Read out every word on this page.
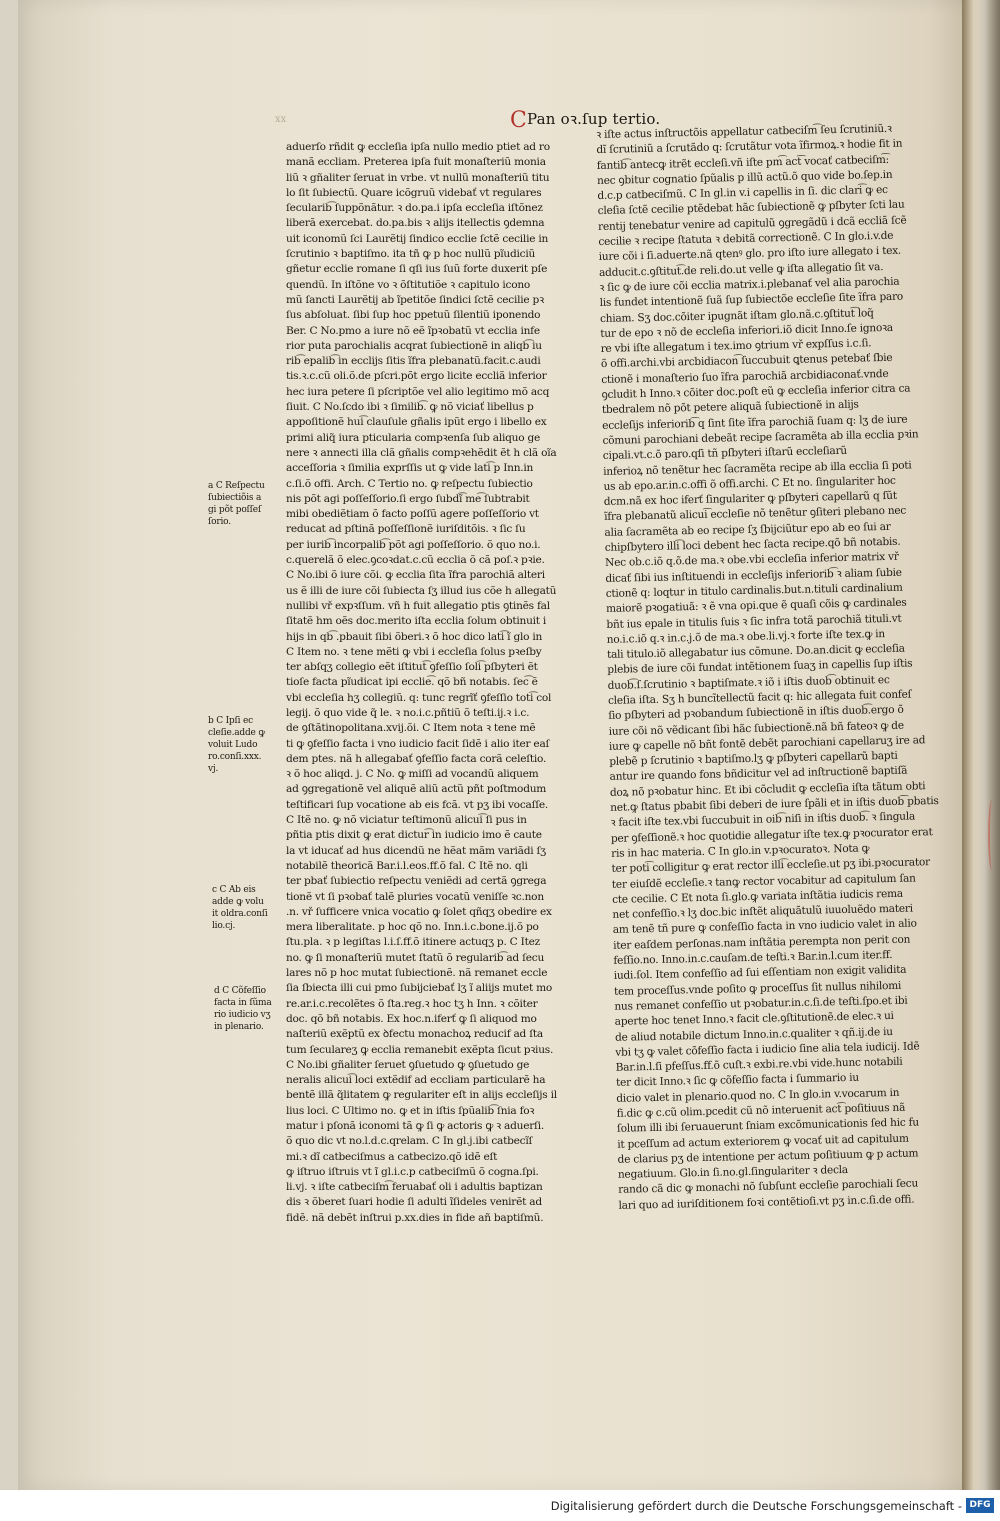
xx	CPan oꝛ.ſup tertio.
aduerſo rñdit ꝙ eccleſia ipſa nullo medio ptiet ad ro
manã eccliam. Preterea ipſa fuit monaſteriũ monia
liũ ꝛ gñaliter ſeruat in vrbe. vt nullũ monaſteriũ titu
lo ſit ſubiectũ. Quare icõgruũ videbať vt regulares
ſecularib͡ ſuppõnãtur. ꝛ do.pa.i ipſa eccleſia iſtõnez
liberã exercebat. do.pa.bis ꝛ alijs itellectis ꝯdemna
uit iconomũ ſci Laurẽtij ſindico ecclie ſctẽ cecilie in
ſcrutinio ꝛ baptiſmo. ita tñ ꝙ p hoc nullũ pĩudiciũ
gñetur ecclie romane ſi qſi ius ſuũ forte duxerit pſe
quendũ. In iſtõne vo ꝛ õſtitutiõe ꝛ capitulo icono
mũ ſancti Laurẽtij ab ĩpetitõe ſindici ſctẽ cecilie pꝛ
ſus abſoluat. ſibi ſup hoc ppetuũ ſilentiũ iponendo
Ber. C No.pmo a iure nõ eẽ ĩpꝛobatũ vt ecclia infe
rior puta parochialis acqrat ſubiectionẽ in aliqb͡ iu
rib͡ epalib͡ in ecclijs ſitis ĩfra plebanatũ.facit.c.audi
tis.ꝛ.c.cũ oli.õ.de pſcri.põt ergo licite eccliã inferior
hec iura petere ſi pſcriptõe vel alio legitimo mõ acq
ſiuit. C No.ſcdo ibi ꝛ ſimilib͡. ꝙ nõ viciať libellus p
appoſitionẽ hui͡ clauſule gñalis ipũt ergo i libello ex
primi aliq̃ iura pticularia compꝛenſa ſub aliquo ge
nere ꝛ annecti illa clã gñalis compꝛehẽdit ẽt h clã oĩa
acceſſoria ꝛ ſimilia exprſſis ut ꝙ vide lati͡ p Inn.in
c.ſi.õ offi. Arch. C Tertio no. ꝙ reſpectu ſubiectio
nis põt agi poſſeſſorio.ſi ergo ſubdĩ͡ me͡ ſubtrabit
mibi obediẽtiam õ facto poſſũ agere poſſeſſorio vt
reducat ad pſtinã poſſeſſionẽ iuriſditõis. ꝛ ſic ſu
per iurib͡ incorpalib͡ põt agi poſſeſſorio. õ quo no.i.
c.querelã õ elec.ꝯcoꝛdat.c.cũ ecclia õ cã poſ.ꝛ pꝛie.
C No.ibi õ iure cõi. ꝙ ecclia ſita ĩfra parochiã alteri
us ẽ illi de iure cõi ſubiecta ſʒ illud ius cõe h allegatũ
nullibi vř expꝛſſum. vñ h fuit allegatio ptis ꝯtinẽs fal
ſitatẽ hm oẽs doc.merito iſta ecclia ſolum obtinuit i
hijs in qb͡ .pbauit ſibi õberi.ꝛ õ hoc dico lati͡ ĩ glo in
C Item no. ꝛ tene mẽti ꝙ vbi i eccleſia ſolus pꝛeſby
ter abſqʒ collegio eẽt iſtitut͡ ꝯfeſſio ſoli͡ pſbyteri ẽt
tioſe facta pĩudicat ipi ecclie͡. qõ bñ notabis. ſec͡ ẽ
vbi eccleſia hʒ collegiũ. q: tunc regrĩť ꝯfeſſio toti͡ col
legij. õ quo vide q̃ le. ꝛ no.i.c.pñtiũ õ teſti.ij.ꝛ i.c.
de ꝯſtãtinopolitana.xvij.õi. C Item nota ꝛ tene mẽ
ti ꝙ ꝯfeſſio facta i vno iudicio facit ſidẽ i alio iter eaſ
dem ptes. nã h allegabať ꝯfeſſio facta corã celeſtio.
ꝛ õ hoc aliqd. j. C No. ꝙ miſſi ad vocandũ aliquem
ad ꝯgregationẽ vel aliquẽ aliũ actũ pñt poſtmodum
teſtificari ſup vocatione ab eis fcã. vt pʒ ibi vocaſſe.
C Itẽ no. ꝙ nõ viciatur teſtimonũ alicui͡ ſi pus in
pñtia ptis dixit ꝙ erat dictur͡ in iudicio imo ẽ caute
la vt iducať ad hus dicendũ ne hẽat mãm variãdi ſʒ
notabilẽ theoricã Bar.i.l.eos.ff.õ fal. C Itẽ no. qli
ter pbať ſubiectio reſpectu veniẽdi ad certã ꝯgrega
tionẽ vt ſi pꝛobať talẽ pluries vocatũ veniſſe ꝛc.non
.n. vř ſufficere vnica vocatio ꝙ ſolet qñqʒ obedire ex
mera liberalitate. p hoc qõ no. Inn.i.c.bone.ij.õ po
ſtu.pla. ꝛ p legiſtas l.i.ſ.ff.õ itinere actuqʒ p. C Itez
no. ꝙ ſi monaſteriũ mutet ſtatũ õ regularib͡ ad ſecu
lares nõ p hoc mutat ſubiectionẽ. nã remanet eccle
ſia ſbiecta illi cui pmo ſubijciebať lʒ ĩ aliijs mutet mo
re.ar.i.c.recolẽtes õ ſta.reg.ꝛ hoc tʒ h Inn. ꝛ cõiter
doc. qõ bñ notabis. Ex hoc.n.iferť ꝙ ſi aliquod mo
naſteriũ exẽptũ ex ꝺfectu monachoꝝ reducif ad ſta
tum ſeculareʒ ꝙ ecclia remanebit exẽpta ſicut pꝛius.
C No.ibi gñaliter ſeruet ꝯſuetudo ꝙ ꝯſuetudo ge
neralis alicui͡ loci extẽdif ad eccliam particularẽ ha
bentẽ illã q̃litatem ꝙ regulariter eſt in alijs eccleſijs il
lius loci. C Ultimo no. ꝙ et in iſtis ſpũalib͡ ſnia foꝛ
matur i pſonã iconomi tã ꝙ ſi ꝙ actoris ꝙ ꝛ aduerſi.
õ quo dic vt no.l.d.c.qrelam. C In gl.j.ibi catbecĩſ
mi.ꝛ dĩ catbeciſmus a catbecizo.qõ idẽ eſt
ꝙ iſtruo iſtruis vt ĩ gl.i.c.p catbeciſmũ õ cogna.ſpi.
li.vj. ꝛ iſte catbeciſm͡ feruabať oli i adultis baptizan
dis ꝛ õberet ſuari hodie ſi adulti ĩſideles venirẽt ad
fidẽ. nã debẽt inſtrui p.xx.dies in fide añ baptiſmũ.
ꝛ iſte actus inſtructõis appellatur catbeciſm͡ ſeu ſcrutiniũ.ꝛ
dĩ ſcrutiniũ a ſcrutãdo q: ſcrutãtur vota ĩfirmoꝝ.ꝛ hodie fit in
fantib͡ antecꝙ itrẽt eccleſi.vñ iſte pm͡ act͡ vocať catbeciſm͡:
nec ꝯbitur cognatio ſpũalis p illũ actũ.õ quo vide bo.ſep.in
d.c.p catbeciſmũ. C In gl.in v.i capellis in ſi. dic clari͡ ꝙ ec
cleſia ſctẽ cecilie ptẽdebat hãc ſubiectionẽ ꝙ pſbyter ſcti lau
rentij tenebatur venire ad capitulũ ꝯgregãdũ i dcã eccliã ſcẽ
cecilie ꝛ recipe ſtatuta ꝛ debitã correctionẽ. C In glo.i.v.de
iure cõi i ſi.aduerte.nã qtenꝰ glo. pro iſto iure allegato i tex.
adducit.c.ꝯſtitut͡.de reli.do.ut velle ꝙ iſta allegatio ſit va.
ꝛ ſic ꝙ de iure cõi ecclia matrix.i.plebanať vel alia parochia
lis fundet intentionẽ ſuã ſup ſubiectõe eccleſie ſite ĩfra paro
chiam. Sʒ doc.cõiter ipugnãt iſtam glo.nã.c.ꝯſtitut͡ loq̃
tur de epo ꝛ nõ de eccleſia inferiori.iõ dicit Inno.ſe ignoꝛa
re vbi iſte allegatum i tex.imo ꝯtrium vř expſſus i.c.ſi.
õ offi.archi.vbi arcbidiacon͡ ſuccubuit ꝗtenus petebať ſbie
ctionẽ i monaſterio ſuo ĩfra parochiã arcbidiaconať.vnde
ꝯcludit h Inno.ꝛ cõiter doc.poſt eũ ꝙ eccleſia inferior citra ca
tbedralem nõ põt petere aliquã ſubiectionẽ in alijs
eccleſijs inferiorib͡ q ſint ſite ĩfra parochiã ſuam q: lʒ de iure
cõmuni parochiani debeãt recipe ſacramẽta ab illa ecclia pꝛin
cipali.vt.c.õ paro.qſi tñ pſbyteri iſtarũ eccleſiarũ
inferioꝝ nõ tenẽtur hec ſacramẽta recipe ab illa ecclia ſi poti
us ab epo.ar.in.c.offi õ offi.archi. C Et no. ſingulariter hoc
dcm.nã ex hoc iferť ſingulariter ꝙ pſbyteri capellarũ q ſũt
ĩfra plebanatũ alicui͡ eccleſie nõ tenẽtur ꝯſiteri plebano nec
alia ſacramẽta ab eo recipe ſʒ ſbijciũtur epo ab eo ſui ar
chipſbytero illi͡ loci debent hec ſacta recipe.qõ bñ notabis.
Nec ob.c.iõ q.õ.de ma.ꝛ obe.vbi eccleſia inferior matrix vř
dicať ſibi ius inſtituendi in eccleſijs inferiorib͡ ꝛ aliam ſubie
ctionẽ q: loqtur in titulo cardinalis.but.n.tituli cardinalium
maiorẽ pꝛogatiuã: ꝛ ẽ vna opi.que ẽ quaſi cõis ꝙ cardinales
bñt ius epale in titulis ſuis ꝛ ſic infra totã parochiã tituli.vt
no.i.c.iõ q.ꝛ in.c.j.õ de ma.ꝛ obe.li.vj.ꝛ forte iſte tex.ꝙ in
tali titulo.iõ allegabatur ius cõmune. Do.an.dicit ꝙ eccleſia
plebis de iure cõi fundat intẽtionem ſuaʒ in capellis ſup iſtis
duob͡.ſ.ſcrutinio ꝛ baptiſmate.ꝛ iõ i iſtis duob͡ obtinuit ec
cleſia iſta. Sʒ h buncĩtellectũ facit q: hic allegata fuit confeſ
ſio pſbyteri ad pꝛobandum ſubiectionẽ in iſtis duob͡.ergo õ
iure cõi nõ vẽdicant ſibi hãc ſubiectionẽ.nã bñ fateoꝛ ꝙ de
iure ꝙ capelle nõ bñt fontẽ debẽt parochiani capellaruʒ ire ad
plebẽ p ſcrutinio ꝛ baptiſmo.lʒ ꝙ pſbyteri capellarũ bapti
antur ire quando fons bñdicitur vel ad inſtructionẽ baptiſã
doꝝ nõ pꝛobatur hinc. Et ibi cõcludit ꝙ eccleſia iſta tãtum obti
net.ꝙ ſtatus pbabit ſibi deberi de iure ſpãli et in iſtis duob͡ pbatis
ꝛ facit iſte tex.vbi ſuccubuit in oib͡ niſi in iſtis duob͡. ꝛ ſingula
per ꝯfeſſionẽ.ꝛ hoc quotidie allegatur iſte tex.ꝙ pꝛocurator erat
ris in hac materia. C In glo.in v.pꝛocuratoꝛ. Nota ꝙ
ter poti͡ colligitur ꝙ erat rector illi͡ eccleſie.ut pʒ ibi.pꝛocurator
ter eiuſdẽ eccleſie.ꝛ tanꝙ rector vocabitur ad capitulum ſan
cte cecilie. C Et nota ſi.glo.ꝙ variata inſtãtia iudicis rema
net confeſſio.ꝛ lʒ doc.bic inſtẽt aliquãtulũ iuuoluẽdo materi
am tenẽ tñ pure ꝙ confeſſio facta in vno iudicio valet in alio
iter eaſdem perſonas.nam inſtãtia perempta non perit con
feſſio.no. Inno.in.c.cauſam.de teſti.ꝛ Bar.in.l.cum iter.ff.
iudi.ſol. Item confeſſio ad ſui eſſentiam non exigit validita
tem proceſſus.vnde poſito ꝙ proceſſus ſit nullus nihilomi
nus remanet confeſſio ut pꝛobatur.in.c.ſi.de teſti.ſpo.et ibi
aperte hoc tenet Inno.ꝛ facit cle.ꝯſtitutionẽ.de elec.ꝛ ui
de aliud notabile dictum Inno.in.c.qualiter ꝛ qñ.ij.de iu
vbi tʒ ꝙ valet cõfeſſio facta i iudicio ſine alia tela iudicij. Idẽ
Bar.in.l.ſi pfeſſus.ff.õ cuſt.ꝛ exbi.re.vbi vide.hunc notabili
ter dicit Inno.ꝛ ſic ꝙ cõfeſſio facta i ſummario iu
dicio valet in plenario.quod no. C In glo.in v.vocarum in
fi.dic ꝙ c.cũ olim.pcedit cũ nõ interuenit act͡ poſitiuus nã
ſolum illi ibi ſeruauerunt ſniam excõmunicationis ſed hic fu
it pceſſum ad actum exteriorem ꝙ vocať uit ad capitulum
de clarius pʒ de intentione per actum poſitiuum ꝙ p actum
negatiuum. Glo.in ſi.no.gl.ſingulariter ꝛ decla
rando cã dic ꝙ monachi nõ ſubſunt eccleſie parochiali ſecu
lari quo ad iuriſditionem foꝛi contẽtioſi.vt pʒ in.c.ſi.de offi.
a C Reſpectu
ſubiectiõis a
gi põt poſſeſ
ſorio.
b C Ipſi ec
cleſie.adde ꝙ
voluit Ludo
ro.conſi.xxx.
vj.
c C Ab eis
adde ꝙ volu
it oldra.conſi
lio.cj.
d C Cõfeſſio
facta in ſũma
rio iudicio vʒ
in plenario.
Digitalisierung gefördert durch die Deutsche Forschungsgemeinschaft - DFG
